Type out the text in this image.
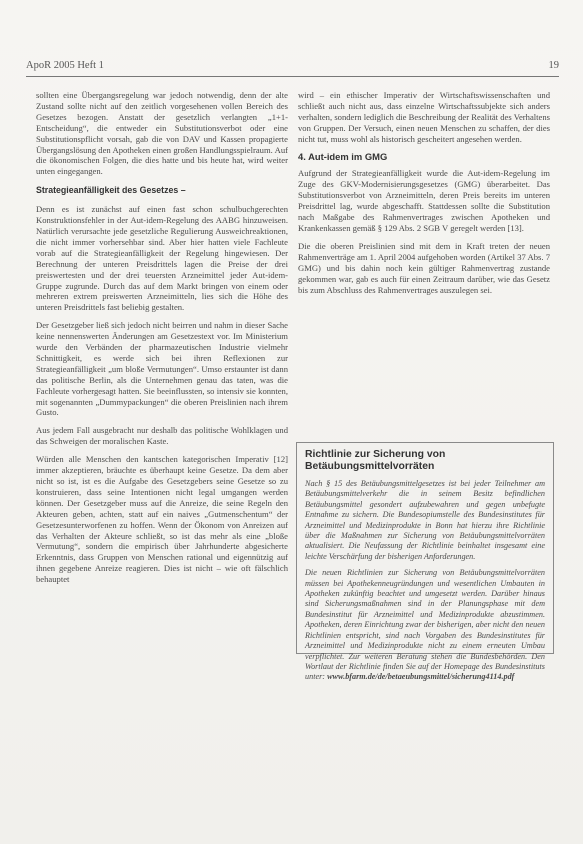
ApoR 2005 Heft 1	19

sollten eine Übergangsregelung war jedoch notwendig, denn der alte Zustand sollte nicht auf den zeitlich vorgesehenen vollen Bereich des Gesetzes bezogen. Anstatt der gesetzlich verlangten „1+1-Entscheidung“, die entweder ein Substitutionsverbot oder eine Substitutionspflicht vorsah, gab die von DAV und Kassen propagierte Übergangslösung den Apotheken einen großen Handlungsspielraum. Auf die ökonomischen Folgen, die dies hatte und bis heute hat, wird weiter unten eingegangen.

Strategieanfälligkeit des Gesetzes –

Denn es ist zunächst auf einen fast schon schulbuchgerechten Konstruktionsfehler in der Aut-idem-Regelung des AABG hinzuweisen. Natürlich verursachte jede gesetzliche Regulierung Ausweichreaktionen, die nicht immer vorhersehbar sind. Aber hier hatten viele Fachleute vorab auf die Strategieanfälligkeit der Regelung hingewiesen. Der Berechnung der unteren Preisdrittels lagen die Preise der drei preiswertesten und der drei teuersten Arzneimittel jeder Aut-idem-Gruppe zugrunde. Durch das auf dem Markt bringen von einem oder mehreren extrem preiswerten Arzneimitteln, lies sich die Höhe des unteren Preisdrittels fast beliebig gestalten.

Der Gesetzgeber ließ sich jedoch nicht beirren und nahm in dieser Sache keine nennenswerten Änderungen am Gesetzestext vor. Im Ministerium wurde den Verbänden der pharmazeutischen Industrie vielmehr Schnittigkeit, es werde sich bei ihren Reflexionen zur Strategieanfälligkeit „um bloße Vermutungen“. Umso erstaunter ist dann das politische Berlin, als die Unternehmen genau das taten, was die Fachleute vorhergesagt hatten. Sie beeinflussten, so intensiv sie konnten, mit sogenannten „Dummypackungen“ die oberen Preislinien nach ihrem Gusto.

Aus jedem Fall ausgebracht nur deshalb das politische Wohlklagen und das Schweigen der moralischen Kaste.

Würden alle Menschen den kantschen kategorischen Imperativ [12] immer akzeptieren, bräuchte es überhaupt keine Gesetze. Da dem aber nicht so ist, ist es die Aufgabe des Gesetzgebers seine Gesetze so zu konstruieren, dass seine Intentionen nicht legal umgangen werden können. Der Gesetzgeber muss auf die Anreize, die seine Regeln den Akteuren geben, achten, statt auf ein naives „Gutmenschentum“ der Gesetzesunterworfenen zu hoffen. Wenn der Ökonom von Anreizen auf das Verhalten der Akteure schließt, so ist das mehr als eine „bloße Vermutung“, sondern die empirisch über Jahrhunderte abgesicherte Erkenntnis, dass Gruppen von Menschen rational und eigennützig auf ihnen gegebene Anreize reagieren. Dies ist nicht – wie oft fälschlich behauptet

wird – ein ethischer Imperativ der Wirtschaftswissenschaften und schließt auch nicht aus, dass einzelne Wirtschaftssubjekte sich anders verhalten, sondern lediglich die Beschreibung der Realität des Verhaltens von Gruppen. Der Versuch, einen neuen Menschen zu schaffen, der dies nicht tut, muss wohl als historisch gescheitert angesehen werden.

4. Aut-idem im GMG

Aufgrund der Strategieanfälligkeit wurde die Aut-idem-Regelung im Zuge des GKV-Modernisierungsgesetzes (GMG) überarbeitet. Das Substitutionsverbot von Arzneimitteln, deren Preis bereits im unteren Preisdrittel lag, wurde abgeschafft. Stattdessen sollte die Substitution nach Maßgabe des Rahmenvertrages zwischen Apotheken und Krankenkassen gemäß § 129 Abs. 2 SGB V geregelt werden [13].

Die die oberen Preislinien sind mit dem in Kraft treten der neuen Rahmenverträge am 1. April 2004 aufgehoben worden (Artikel 37 Abs. 7 GMG) und bis dahin noch kein gültiger Rahmenvertrag zustande gekommen war, gab es auch für einen Zeitraum darüber, wie das Gesetz bis zum Abschluss des Rahmenvertrages auszulegen sei.

Richtlinie zur Sicherung von Betäubungsmittelvorräten

Nach § 15 des Betäubungsmittelgesetzes ist bei jeder Teilnehmer am Betäubungsmittelverkehr die in seinem Besitz befindlichen Betäubungsmittel gesondert aufzubewahren und gegen unbefugte Entnahme zu sichern. Die Bundesopiumstelle des Bundesinstitutes für Arzneimittel und Medizinprodukte in Bonn hat hierzu ihre Richtlinie über die Maßnahmen zur Sicherung von Betäubungsmittelvorräten aktualisiert. Die Neufassung der Richtlinie beinhaltet insgesamt eine leichte Verschärfung der bisherigen Anforderungen.

Die neuen Richtlinien zur Sicherung von Betäubungsmittelvorräten müssen bei Apothekenneugründungen und wesentlichen Umbauten in Apotheken zukünftig beachtet und umgesetzt werden. Darüber hinaus sind Sicherungsmaßnahmen sind in der Planungsphase mit dem Bundesinstitut für Arzneimittel und Medizinprodukte abzustimmen. Apotheken, deren Einrichtung zwar der bisherigen, aber nicht den neuen Richtlinien entspricht, sind nach Vorgaben des Bundesinstitutes für Arzneimittel und Medizinprodukte nicht zu einem erneuten Umbau verpflichtet. Zur weiteren Beratung stehen die Bundesbehörden. Den Wortlaut der Richtlinie finden Sie auf der Homepage des Bundesinstituts unter: www.bfarm.de/de/betaeubungsmittel/sicherung4114.pdf
